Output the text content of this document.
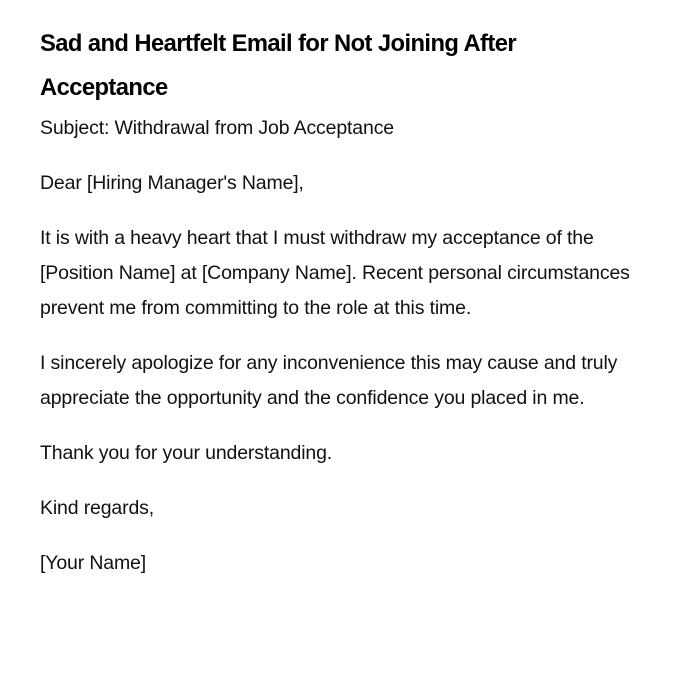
Sad and Heartfelt Email for Not Joining After Acceptance

Subject: Withdrawal from Job Acceptance

Dear [Hiring Manager's Name],

It is with a heavy heart that I must withdraw my acceptance of the [Position Name] at [Company Name]. Recent personal circumstances prevent me from committing to the role at this time.

I sincerely apologize for any inconvenience this may cause and truly appreciate the opportunity and the confidence you placed in me.

Thank you for your understanding.

Kind regards,

[Your Name]
